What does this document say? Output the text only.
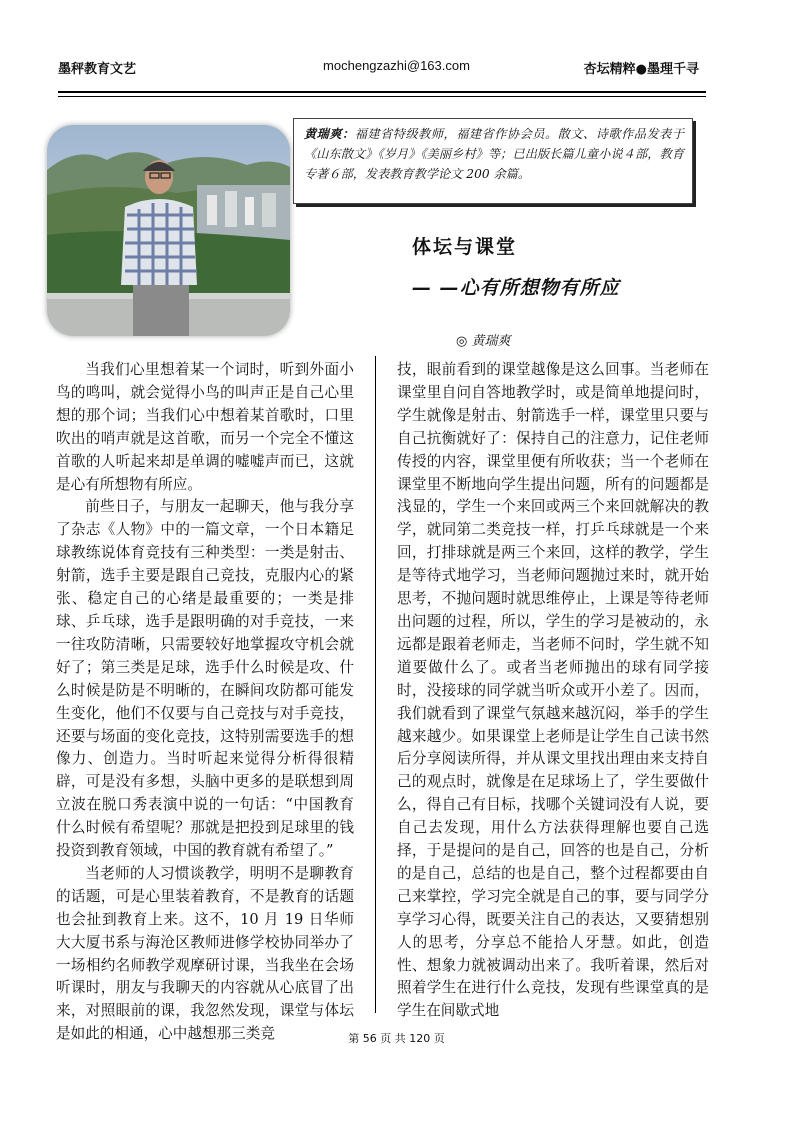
墨秤教育文艺	mochengzazhi@163.com	杏坛精粹●墨理千寻
黄瑞爽：福建省特级教师，福建省作协会员。散文、诗歌作品发表于《山东散文》《岁月》《美丽乡村》等；已出版长篇儿童小说４部，教育专著６部，发表教育教学论文 200 余篇。
体坛与课堂
— —心有所想物有所应
◎ 黄瑞爽

当我们心里想着某一个词时，听到外面小鸟的鸣叫，就会觉得小鸟的叫声正是自己心里想的那个词；当我们心中想着某首歌时，口里吹出的哨声就是这首歌，而另一个完全不懂这首歌的人听起来却是单调的嘘嘘声而已，这就是心有所想物有所应。

前些日子，与朋友一起聊天，他与我分享了杂志《人物》中的一篇文章，一个日本籍足球教练说体育竞技有三种类型：一类是射击、射箭，选手主要是跟自己竞技，克服内心的紧张、稳定自己的心绪是最重要的；一类是排球、乒乓球，选手是跟明确的对手竞技，一来一往攻防清晰，只需要较好地掌握攻守机会就好了；第三类是足球，选手什么时候是攻、什么时候是防是不明晰的，在瞬间攻防都可能发生变化，他们不仅要与自己竞技与对手竞技，还要与场面的变化竞技，这特别需要选手的想像力、创造力。当时听起来觉得分析得很精辟，可是没有多想，头脑中更多的是联想到周立波在脱口秀表演中说的一句话：“中国教育什么时候有希望呢？那就是把投到足球里的钱投资到教育领域，中国的教育就有希望了。”

当老师的人习惯谈教学，明明不是聊教育的话题，可是心里装着教育，不是教育的话题也会扯到教育上来。这不，10 月 19 日华师大大厦书系与海沧区教师进修学校协同举办了一场相约名师教学观摩研讨课，当我坐在会场听课时，朋友与我聊天的内容就从心底冒了出来，对照眼前的课，我忽然发现，课堂与体坛是如此的相通，心中越想那三类竞

技，眼前看到的课堂越像是这么回事。当老师在课堂里自问自答地教学时，或是简单地提问时，学生就像是射击、射箭选手一样，课堂里只要与自己抗衡就好了：保持自己的注意力，记住老师传授的内容，课堂里便有所收获；当一个老师在课堂里不断地向学生提出问题，所有的问题都是浅显的，学生一个来回或两三个来回就解决的教学，就同第二类竞技一样，打乒乓球就是一个来回，打排球就是两三个来回，这样的教学，学生是等待式地学习，当老师问题抛过来时，就开始思考，不抛问题时就思维停止，上课是等待老师出问题的过程，所以，学生的学习是被动的，永远都是跟着老师走，当老师不问时，学生就不知道要做什么了。或者当老师抛出的球有同学接时，没接球的同学就当听众或开小差了。因而，我们就看到了课堂气氛越来越沉闷，举手的学生越来越少。如果课堂上老师是让学生自己读书然后分享阅读所得，并从课文里找出理由来支持自己的观点时，就像是在足球场上了，学生要做什么，得自己有目标，找哪个关键词没有人说，要自己去发现，用什么方法获得理解也要自己选择，于是提问的是自己，回答的也是自己，分析的是自己，总结的也是自己，整个过程都要由自己来掌控，学习完全就是自己的事，要与同学分享学习心得，既要关注自己的表达，又要猜想别人的思考，分享总不能拾人牙慧。如此，创造性、想象力就被调动出来了。我听着课，然后对照着学生在进行什么竞技，发现有些课堂真的是学生在间歇式地

第 56 页 共 120 页
